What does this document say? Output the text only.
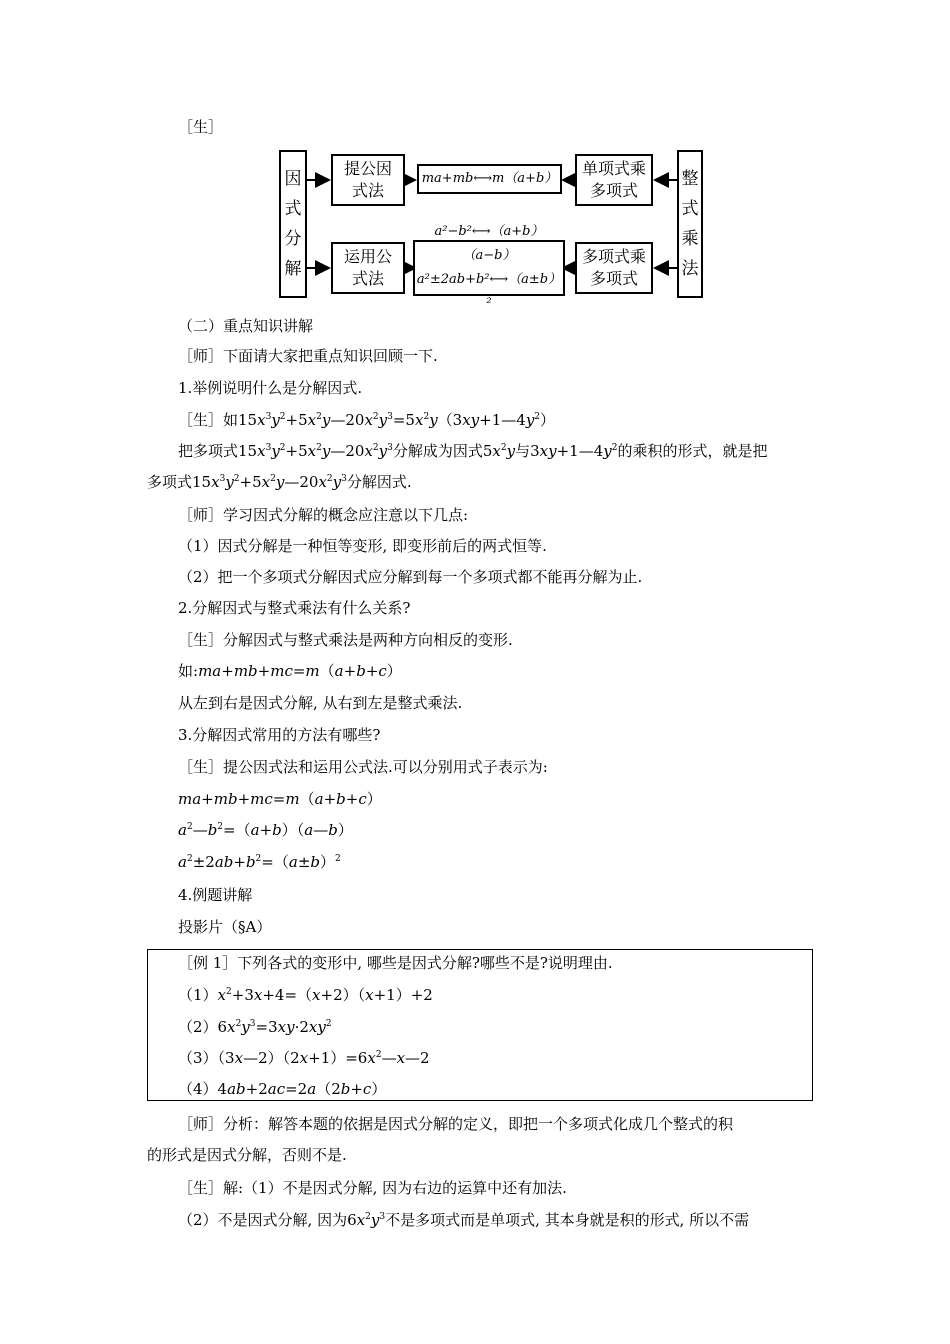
［生］
因
式
分
解
提公因
式法
运用公
式法
ma+mb⟷m（a+b）
a²−b²⟷（a+b）（a−b）
a²±2ab+b²⟷（a±b）²
单项式乘
多项式
多项式乘
多项式
整
式
乘
法
（二）重点知识讲解
［师］下面请大家把重点知识回顾一下.
1.举例说明什么是分解因式.
［生］如$15x^3y^2+5x^2y—20x^2y^3=5x^2y(3xy+1—4y^2)$
把多项式$15x^3y^2+5x^2y—20x^2y^3$分解成为因式$5x^2y$与$3xy+1—4y^2$的乘积的形式，就是把
多项式$15x^3y^2+5x^2y—20x^2y^3$分解因式.
［师］学习因式分解的概念应注意以下几点:
（1）因式分解是一种恒等变形, 即变形前后的两式恒等.
（2）把一个多项式分解因式应分解到每一个多项式都不能再分解为止.
2.分解因式与整式乘法有什么关系?
［生］分解因式与整式乘法是两种方向相反的变形.
如:ma+mb+mc=m（a+b+c）
从左到右是因式分解, 从右到左是整式乘法.
3.分解因式常用的方法有哪些?
［生］提公因式法和运用公式法.可以分别用式子表示为:
ma+mb+mc=m（a+b+c）
$a^2—b^2=(a+b)(a—b)$
$a^2\pm 2ab+b^2=(a\pm b)^2$
4.例题讲解
投影片（§A）
［例 1］下列各式的变形中, 哪些是因式分解?哪些不是?说明理由.
$(1)x^2+3x+4=(x+2)(x+1)+2$
$(2)6x^2y^3=3xy\cdot 2xy^2$
$(3)(3x—2)(2x+1)=6x^2—x—2$
（4）4ab+2ac=2a（2b+c）
［师］分析：解答本题的依据是因式分解的定义，即把一个多项式化成几个整式的积
的形式是因式分解，否则不是.
［生］解:（1）不是因式分解, 因为右边的运算中还有加法.
（2）不是因式分解, 因为$6x^2y^3$不是多项式而是单项式, 其本身就是积的形式, 所以不需
